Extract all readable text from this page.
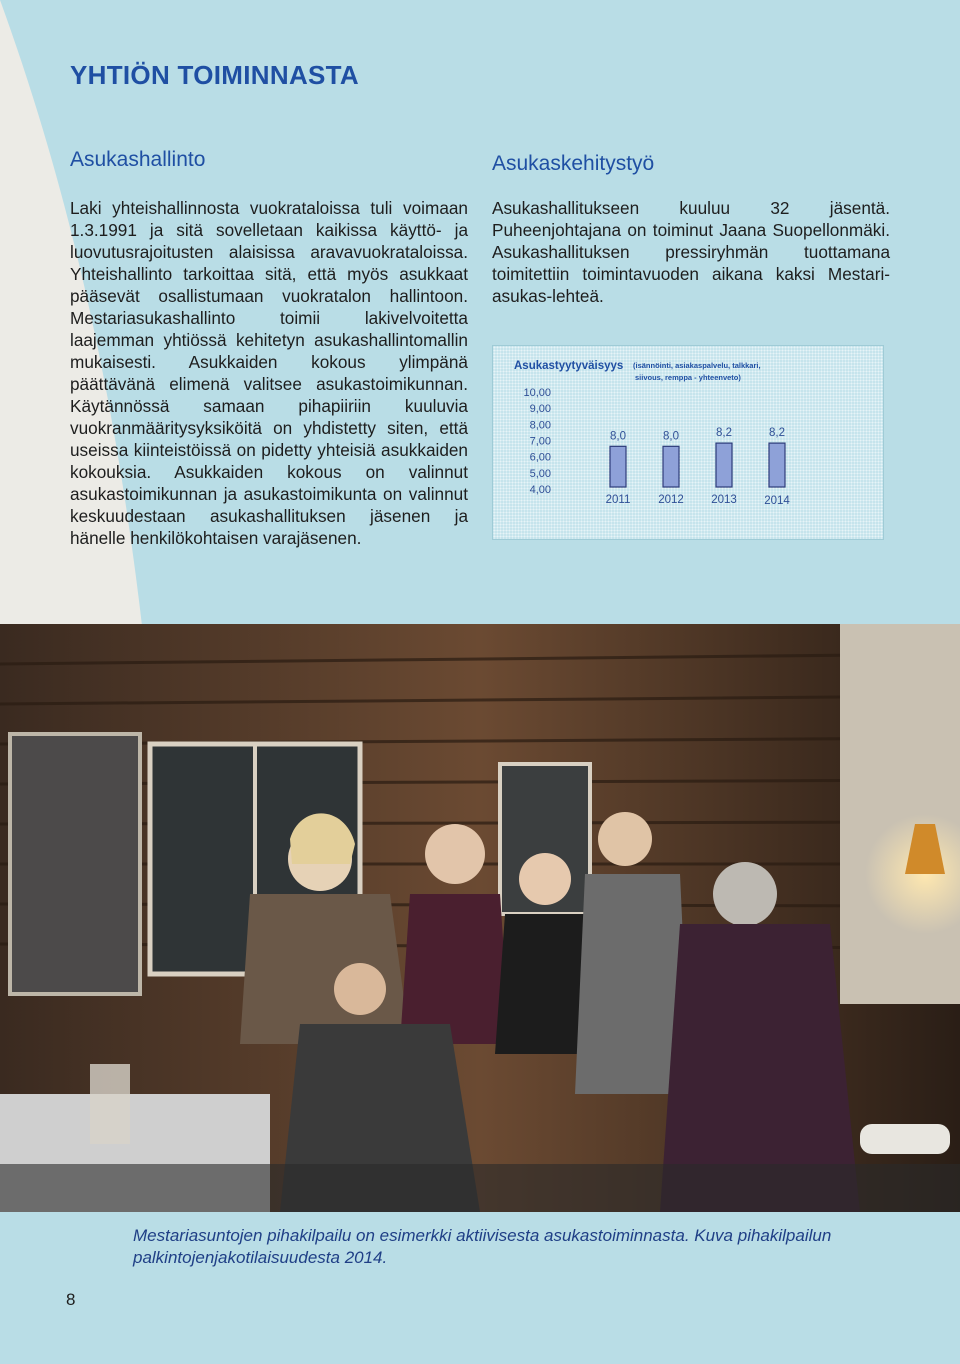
YHTIÖN TOIMINNASTA
Asukashallinto

Laki yhteishallinnosta vuokrataloissa tuli voimaan 1.3.1991 ja sitä sovelletaan kaikissa käyttö- ja luovutusrajoitusten alaisissa aravavuokrataloissa. Yhteishallinto tarkoittaa sitä, että myös asukkaat pääsevät osallistumaan vuokratalon hallintoon. Mestariasukashallinto toimii lakivelvoitetta laajemman yhtiössä kehitetyn asukashallintomallin mukaisesti. Asukkaiden kokous ylimpänä päättävänä elimenä valitsee asukastoimikunnan. Käytännössä samaan pihapiiriin kuuluvia vuokranmääritysyksiköitä on yhdistetty siten, että useissa kiinteistöissä on pidetty yhteisiä asukkaiden kokouksia. Asukkaiden kokous on valinnut asukastoimikunnan ja asukastoimikunta on valinnut keskuudestaan asukashallituksen jäsenen ja hänelle henkilökohtaisen varajäsenen.

Asukaskehitystyö

Asukashallitukseen kuuluu 32 jäsentä. Puheenjohtajana on toiminut Jaana Suopellonmäki. Asukashallituksen pressiryhmän tuottamana toimitettiin toimintavuoden aikana kaksi Mestari-asukas-lehteä.

Asukastyytyväisyys (isännöinti, asiakaspalvelu, talkkari,
siivous, remppa - yhteenveto)
10,00
9,00
8,00
7,00
6,00
5,00
4,00
8,0	8,0	8,2	8,2
2011 2012 2013 2014
Mestariasuntojen pihakilpailu on esimerkki aktiivisesta asukastoiminnasta. Kuva pihakilpailun palkintojenjakotilaisuudesta 2014.
8
